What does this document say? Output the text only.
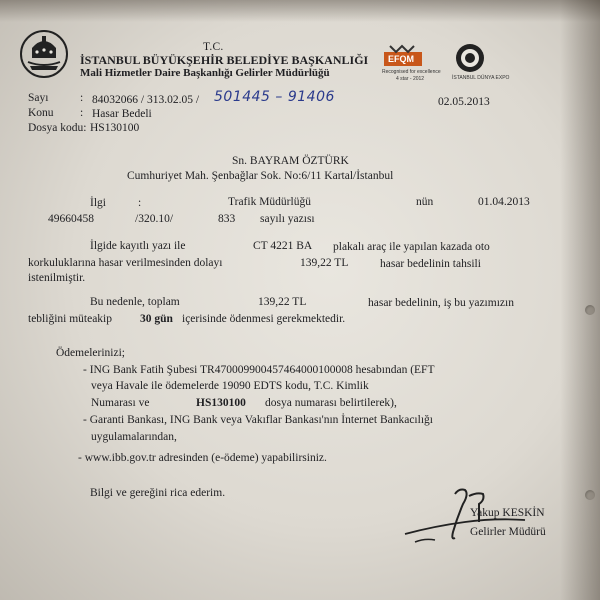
T.C.
İSTANBUL BÜYÜKŞEHİR BELEDİYE BAŞKANLIĞI
Mali Hizmetler Daire Başkanlığı Gelirler Müdürlüğü
EFQM
Recognised for excellence
4 star - 2012	İSTANBUL DÜNYA EXPO
Sayı	: 84032066 / 313.02.05 / 501445 – 91406	02.05.2013
Konu : Hasar Bedeli
Dosya kodu: HS130100
Sn. BAYRAM ÖZTÜRK
Cumhuriyet Mah. Şenbağlar Sok. No:6/11 Kartal/İstanbul
İlgi	:	Trafik Müdürlüğü	nün	01.04.2013
49660458	/320.10/	833 sayılı yazısı
İlgide kayıtlı yazı ile	CT 4221 BA plakalı araç ile yapılan kazada oto
korkuluklarına hasar verilmesinden dolayı	139,22 TL	hasar bedelinin tahsili
istenilmiştir.
Bu nedenle, toplam	139,22 TL	hasar bedelinin, iş bu yazımızın
tebliğini müteakip 30 gün içerisinde ödenmesi gerekmektedir.
Ödemelerinizi;
- ING Bank Fatih Şubesi TR470009900457464000100008 hesabından (EFT
veya Havale ile ödemelerde 19090 EDTS kodu, T.C. Kimlik
Numarası ve	HS130100 dosya numarası belirtilerek),
- Garanti Bankası, ING Bank veya Vakıflar Bankası'nın İnternet Bankacılığı
uygulamalarından,
- www.ibb.gov.tr adresinden (e-ödeme) yapabilirsiniz.
Bilgi ve gereğini rica ederim.
Yakup KESKİN
Gelirler Müdürü
